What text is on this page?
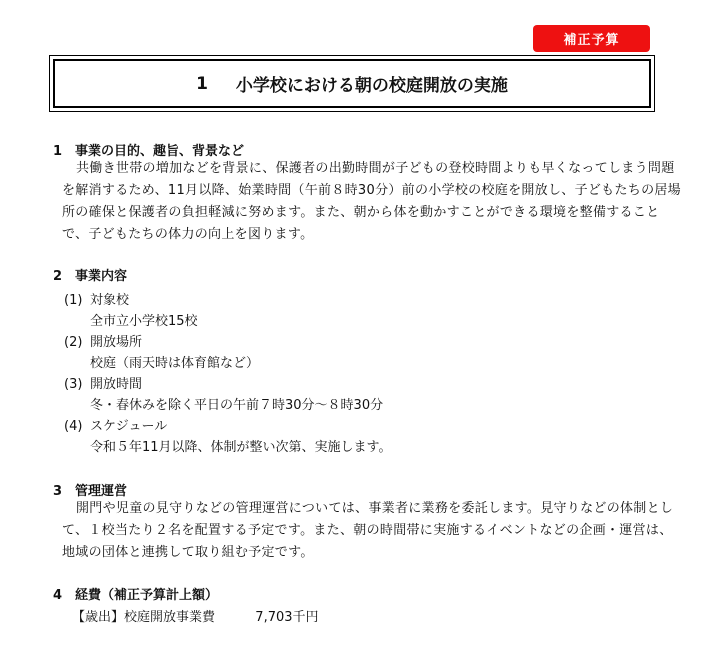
補正予算
1 小学校における朝の校庭開放の実施
1 事業の目的、趣旨、背景など
共働き世帯の増加などを背景に、保護者の出勤時間が子どもの登校時間よりも早くなってしまう問題を解消するため、11月以降、始業時間（午前８時30分）前の小学校の校庭を開放し、子どもたちの居場所の確保と保護者の負担軽減に努めます。また、朝から体を動かすことができる環境を整備することで、子どもたちの体力の向上を図ります。
2 事業内容
(1) 対象校
全市立小学校15校
(2) 開放場所
校庭（雨天時は体育館など）
(3) 開放時間
冬・春休みを除く平日の午前７時30分～８時30分
(4) スケジュール
令和５年11月以降、体制が整い次第、実施します。
3 管理運営
開門や児童の見守りなどの管理運営については、事業者に業務を委託します。見守りなどの体制として、１校当たり２名を配置する予定です。また、朝の時間帯に実施するイベントなどの企画・運営は、地域の団体と連携して取り組む予定です。
4 経費（補正予算計上額）
【歳出】校庭開放事業費	7,703千円
